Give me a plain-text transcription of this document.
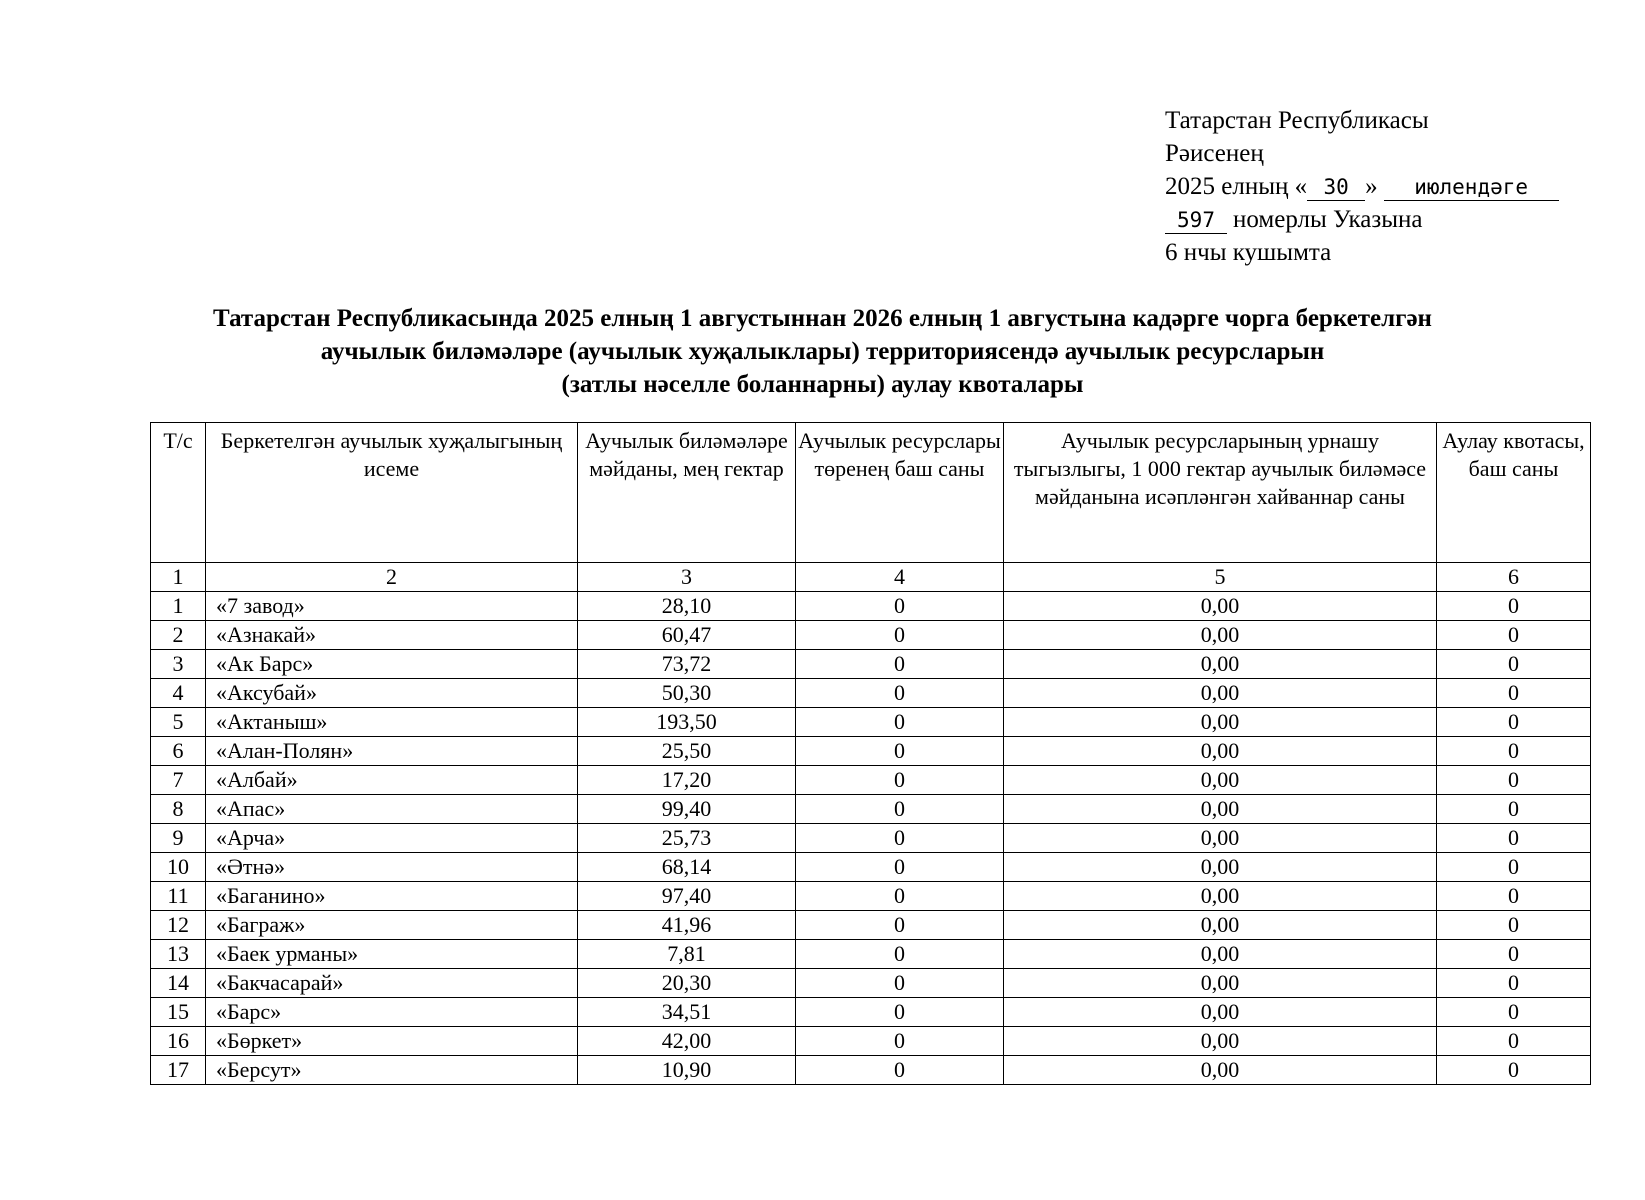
Татарстан Республикасы
Рәисенең
2025 елның « 30 » июлендәге
597 номерлы Указына
6 нчы кушымта
Татарстан Республикасында 2025 елның 1 августыннан 2026 елның 1 августына кадәрге чорга беркетелгән
аучылык биләмәләре (аучылык хуҗалыклары) территориясендә аучылык ресурсларын
(затлы нәселле боланнарны) аулау квоталары
Т/с	Беркетелгән аучылык хуҗалыгының исеме	Аучылык биләмәләре мәйданы, мең гектар	Аучылык ресурслары төренең баш саны	Аучылык ресурсларының урнашу тыгызлыгы, 1 000 гектар аучылык биләмәсе мәйданына исәпләнгән хайваннар саны	Аулау квотасы, баш саны
1	2	3	4	5	6
1	«7 завод»	28,10	0	0,00	0
2	«Азнакай»	60,47	0	0,00	0
3	«Ак Барс»	73,72	0	0,00	0
4	«Аксубай»	50,30	0	0,00	0
5	«Актаныш»	193,50	0	0,00	0
6	«Алан-Полян»	25,50	0	0,00	0
7	«Албай»	17,20	0	0,00	0
8	«Апас»	99,40	0	0,00	0
9	«Арча»	25,73	0	0,00	0
10	«Әтнә»	68,14	0	0,00	0
11	«Баганино»	97,40	0	0,00	0
12	«Баграж»	41,96	0	0,00	0
13	«Баек урманы»	7,81	0	0,00	0
14	«Бакчасарай»	20,30	0	0,00	0
15	«Барс»	34,51	0	0,00	0
16	«Бөркет»	42,00	0	0,00	0
17	«Берсут»	10,90	0	0,00	0
